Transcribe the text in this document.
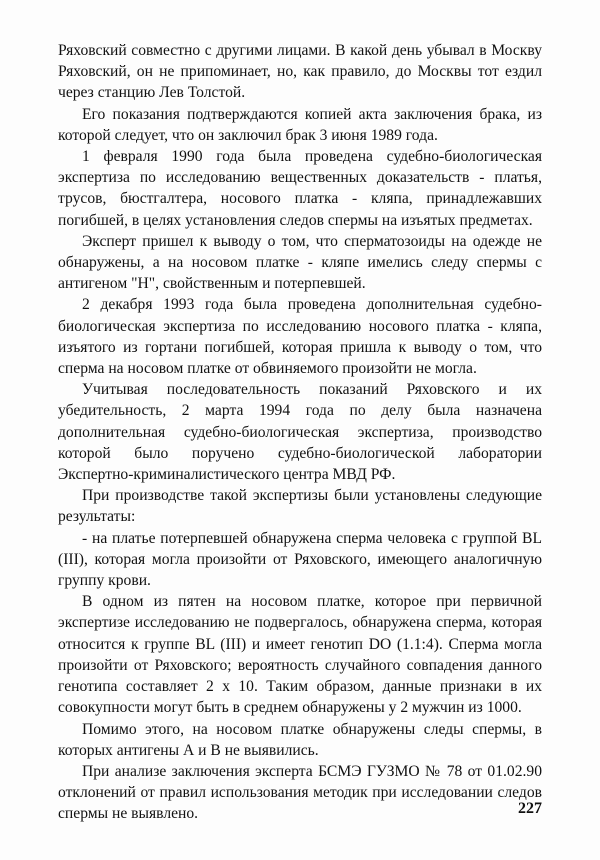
Ряховский совместно с другими лицами. В какой день убывал в Москву Ряховский, он не припоминает, но, как правило, до Москвы тот ездил через станцию Лев Толстой.

Его показания подтверждаются копией акта заключения брака, из которой следует, что он заключил брак 3 июня 1989 года.

1 февраля 1990 года была проведена судебно-биологическая экспертиза по исследованию вещественных доказательств - платья, трусов, бюстгалтера, носового платка - кляпа, принадлежавших погибшей, в целях установления следов спермы на изъятых предметах.

Эксперт пришел к выводу о том, что сперматозоиды на одежде не обнаружены, а на носовом платке - кляпе имелись следу спермы с антигеном "Н", свойственным и потерпевшей.

2 декабря 1993 года была проведена дополнительная судебно-биологическая экспертиза по исследованию носового платка - кляпа, изъятого из гортани погибшей, которая пришла к выводу о том, что сперма на носовом платке от обвиняемого произойти не могла.

Учитывая последовательность показаний Ряховского и их убедительность, 2 марта 1994 года по делу была назначена дополнительная судебно-биологическая экспертиза, производство которой было поручено судебно-биологической лаборатории Экспертно-криминалистического центра МВД РФ.

При производстве такой экспертизы были установлены следующие результаты:

- на платье потерпевшей обнаружена сперма человека с группой BL (III), которая могла произойти от Ряховского, имеющего аналогичную группу крови.

В одном из пятен на носовом платке, которое при первичной экспертизе исследованию не подвергалось, обнаружена сперма, которая относится к группе BL (III) и имеет генотип DO (1.1:4). Сперма могла произойти от Ряховского; вероятность случайного совпадения данного генотипа составляет 2 х 10. Таким образом, данные признаки в их совокупности могут быть в среднем обнаружены у 2 мужчин из 1000.

Помимо этого, на носовом платке обнаружены следы спермы, в которых антигены А и В не выявились.

При анализе заключения эксперта БСМЭ ГУЗМО № 78 от 01.02.90 отклонений от правил использования методик при исследовании следов спермы не выявлено.	227
